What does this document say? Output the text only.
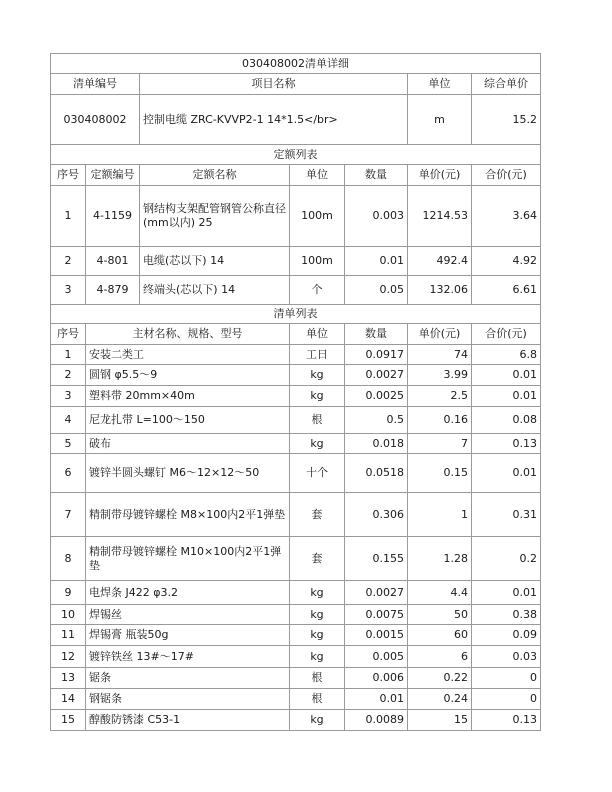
030408002清单详细						
清单编号		项目名称			单位	综合单价
030408002		控制电缆 ZRC-KVVP2-1 14*1.5</br>			m	15.2
定额列表						
序号	定额编号	定额名称	单位	数量	单价(元)	合价(元)
1	4-1159	钢结构支架配管钢管公称直径(mm以内) 25	100m	0.003	1214.53	3.64
2	4-801	电缆(芯以下) 14	100m	0.01	492.4	4.92
3	4-879	终端头(芯以下) 14	个	0.05	132.06	6.61
清单列表						
序号	主材名称、规格、型号		单位	数量	单价(元)	合价(元)
1	安装二类工		工日	0.0917	74	6.8
2	圆钢 φ5.5～9		kg	0.0027	3.99	0.01
3	塑料带 20mm×40m		kg	0.0025	2.5	0.01
4	尼龙扎带 L=100～150		根	0.5	0.16	0.08
5	破布		kg	0.018	7	0.13
6	镀锌半圆头螺钉 M6～12×12～50		十个	0.0518	0.15	0.01
7	精制带母镀锌螺栓 M8×100内2平1弹垫		套	0.306	1	0.31
8	精制带母镀锌螺栓 M10×100内2平1弹垫		套	0.155	1.28	0.2
9	电焊条 J422 φ3.2		kg	0.0027	4.4	0.01
10	焊锡丝		kg	0.0075	50	0.38
11	焊锡膏 瓶装50g		kg	0.0015	60	0.09
12	镀锌铁丝 13#～17#		kg	0.005	6	0.03
13	锯条		根	0.006	0.22	0
14	钢锯条		根	0.01	0.24	0
15	醇酸防锈漆 C53-1		kg	0.0089	15	0.13
